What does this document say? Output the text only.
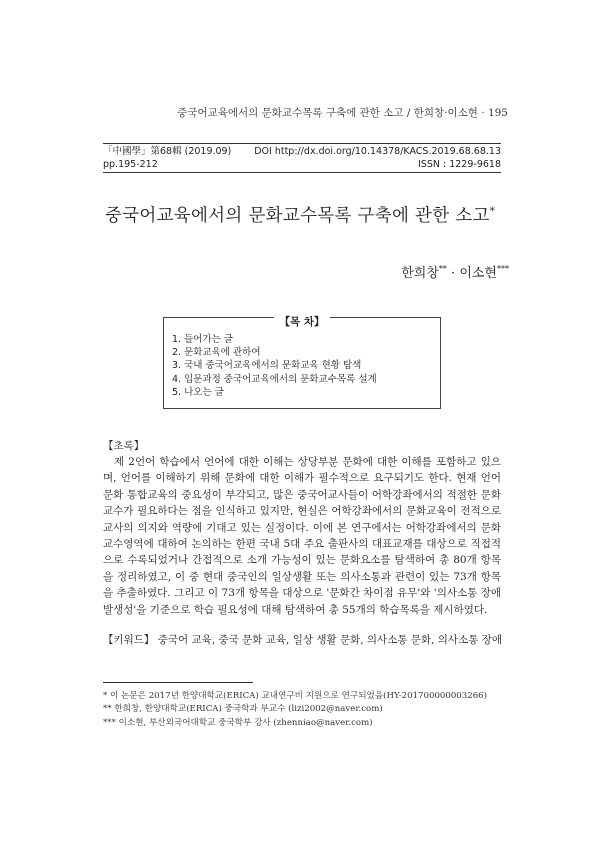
중국어교육에서의 문화교수목록 구축에 관한 소고 / 한희창·이소현 · 195
「中國學」第68輯 (2019.09) DOI http://dx.doi.org/10.14378/KACS.2019.68.68.13
pp.195-212	ISSN : 1229-9618
중국어교육에서의 문화교수목록 구축에 관한 소고*
한희창** · 이소현***
【목 차】
1. 들어가는 글
2. 문화교육에 관하여
3. 국내 중국어교육에서의 문화교육 현황 탐색
4. 입문과정 중국어교육에서의 문화교수목록 설계
5. 나오는 글
【초록】
제 2언어 학습에서 언어에 대한 이해는 상당부분 문화에 대한 이해를 포함하고 있으며, 언어를 이해하기 위해 문화에 대한 이해가 필수적으로 요구되기도 한다. 현재 언어문화 통합교육의 중요성이 부각되고, 많은 중국어교사들이 어학강좌에서의 적절한 문화교수가 필요하다는 점을 인식하고 있지만, 현실은 어학강좌에서의 문화교육이 전적으로 교사의 의지와 역량에 기대고 있는 실정이다. 이에 본 연구에서는 어학강좌에서의 문화교수영역에 대하여 논의하는 한편 국내 5대 주요 출판사의 대표교재를 대상으로 직접적으로 수록되었거나 간접적으로 소개 가능성이 있는 문화요소를 탐색하여 총 80개 항목을 정리하였고, 이 중 현대 중국인의 일상생활 또는 의사소통과 관련이 있는 73개 항목을 추출하였다. 그리고 이 73개 항목을 대상으로 '문화간 차이점 유무'와 '의사소통 장애 발생성'을 기준으로 학습 필요성에 대해 탐색하여 총 55개의 학습목록을 제시하였다.
【키워드】 중국어 교육, 중국 문화 교육, 일상 생활 문화, 의사소통 문화, 의사소통 장애
* 이 논문은 2017년 한양대학교(ERICA) 교내연구비 지원으로 연구되었음(HY-201700000003266)
** 한희창, 한양대학교(ERICA) 중국학과 부교수 (lizi2002@naver.com)
*** 이소현, 부산외국어대학교 중국학부 강사 (zhenniao@naver.com)
